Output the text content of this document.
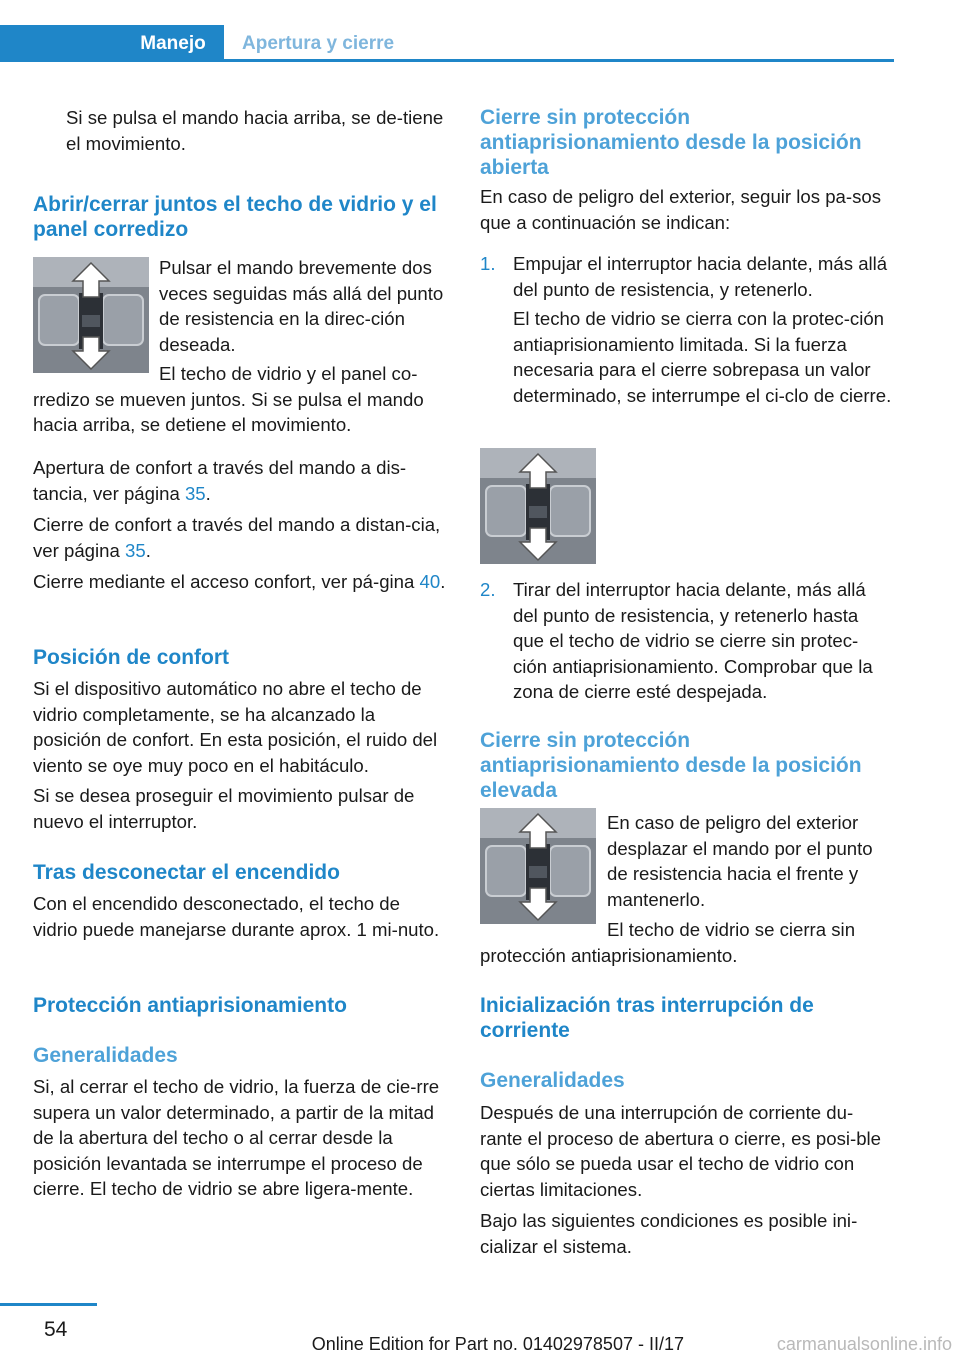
Manejo	Apertura y cierre
Si se pulsa el mando hacia arriba, se de-tiene el movimiento.
Abrir/cerrar juntos el techo de vidrio y el panel corredizo
Pulsar el mando brevemente dos veces seguidas más allá del punto de resistencia en la direc-ción deseada.
El techo de vidrio y el panel co-rredizo se mueven juntos. Si se pulsa el mando hacia arriba, se detiene el movimiento.
Apertura de confort a través del mando a dis-tancia, ver página 35.
Cierre de confort a través del mando a distan-cia, ver página 35.
Cierre mediante el acceso confort, ver pá-gina 40.
Posición de confort
Si el dispositivo automático no abre el techo de vidrio completamente, se ha alcanzado la posición de confort. En esta posición, el ruido del viento se oye muy poco en el habitáculo.
Si se desea proseguir el movimiento pulsar de nuevo el interruptor.
Tras desconectar el encendido
Con el encendido desconectado, el techo de vidrio puede manejarse durante aprox. 1 mi-nuto.
Protección antiaprisionamiento
Generalidades
Si, al cerrar el techo de vidrio, la fuerza de cie-rre supera un valor determinado, a partir de la mitad de la abertura del techo o al cerrar desde la posición levantada se interrumpe el proceso de cierre. El techo de vidrio se abre ligera-mente.
Cierre sin protección antiaprisionamiento desde la posición abierta
En caso de peligro del exterior, seguir los pa-sos que a continuación se indican:
1. Empujar el interruptor hacia delante, más allá del punto de resistencia, y retenerlo.
El techo de vidrio se cierra con la protec-ción antiaprisionamiento limitada. Si la fuerza necesaria para el cierre sobrepasa un valor determinado, se interrumpe el ci-clo de cierre.
2. Tirar del interruptor hacia delante, más allá del punto de resistencia, y retenerlo hasta que el techo de vidrio se cierre sin protec-ción antiaprisionamiento. Comprobar que la zona de cierre esté despejada.
Cierre sin protección antiaprisionamiento desde la posición elevada
En caso de peligro del exterior desplazar el mando por el punto de resistencia hacia el frente y mantenerlo.
El techo de vidrio se cierra sin protección antiaprisionamiento.
Inicialización tras interrupción de corriente
Generalidades
Después de una interrupción de corriente du-rante el proceso de abertura o cierre, es posi-ble que sólo se pueda usar el techo de vidrio con ciertas limitaciones.
Bajo las siguientes condiciones es posible ini-cializar el sistema.
54
Online Edition for Part no. 01402978507 - II/17	carmanualsonline.info
